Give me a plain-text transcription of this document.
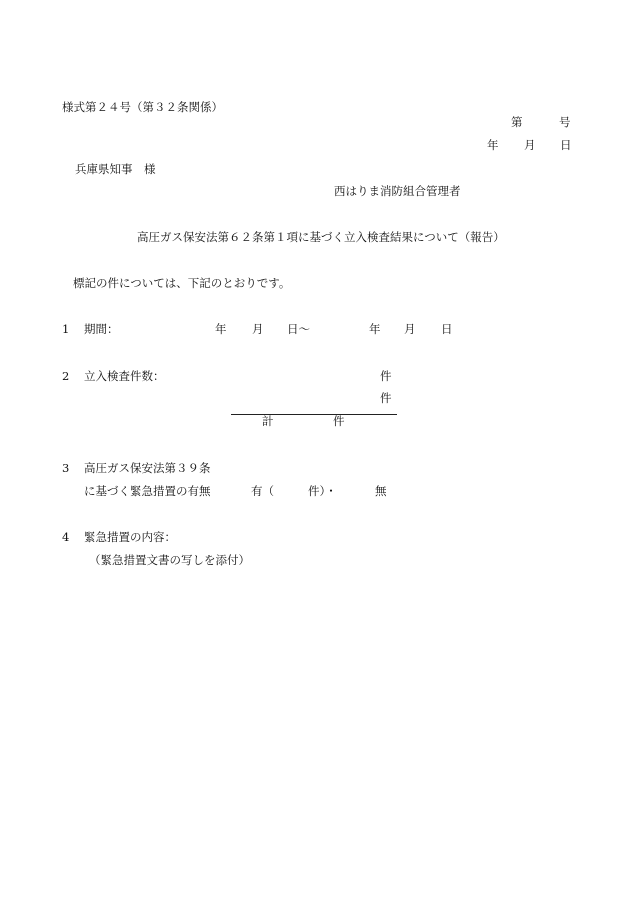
様式第２４号（第３２条関係）
第	号
年 月 日
兵庫県知事　様
西はりま消防組合管理者
高圧ガス保安法第６２条第１項に基づく立入検査結果について（報告）
標記の件については、下記のとおりです。
1 期間：	年 月 日～	年 月 日
2 立入検査件数：	件
件
計	件
3 高圧ガス保安法第３９条
に基づく緊急措置の有無	有（	件）・	無
4 緊急措置の内容：
（緊急措置文書の写しを添付）
